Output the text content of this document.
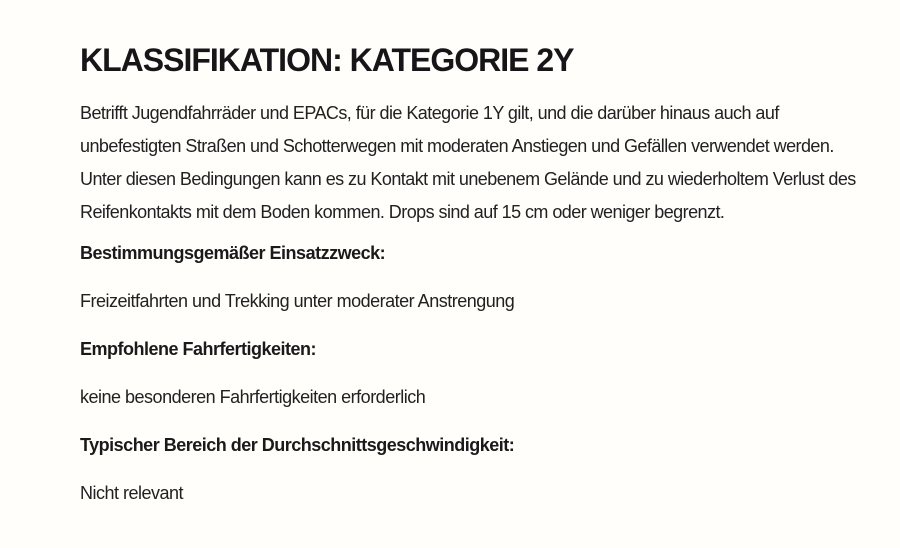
KLASSIFIKATION: KATEGORIE 2Y

Betrifft Jugendfahrräder und EPACs, für die Kategorie 1Y gilt, und die darüber hinaus auch auf unbefestigten Straßen und Schotterwegen mit moderaten Anstiegen und Gefällen verwendet werden. Unter diesen Bedingungen kann es zu Kontakt mit unebenem Gelände und zu wiederholtem Verlust des Reifenkontakts mit dem Boden kommen. Drops sind auf 15 cm oder weniger begrenzt.

Bestimmungsgemäßer Einsatzzweck:

Freizeitfahrten und Trekking unter moderater Anstrengung

Empfohlene Fahrfertigkeiten:

keine besonderen Fahrfertigkeiten erforderlich

Typischer Bereich der Durchschnittsgeschwindigkeit:

Nicht relevant
